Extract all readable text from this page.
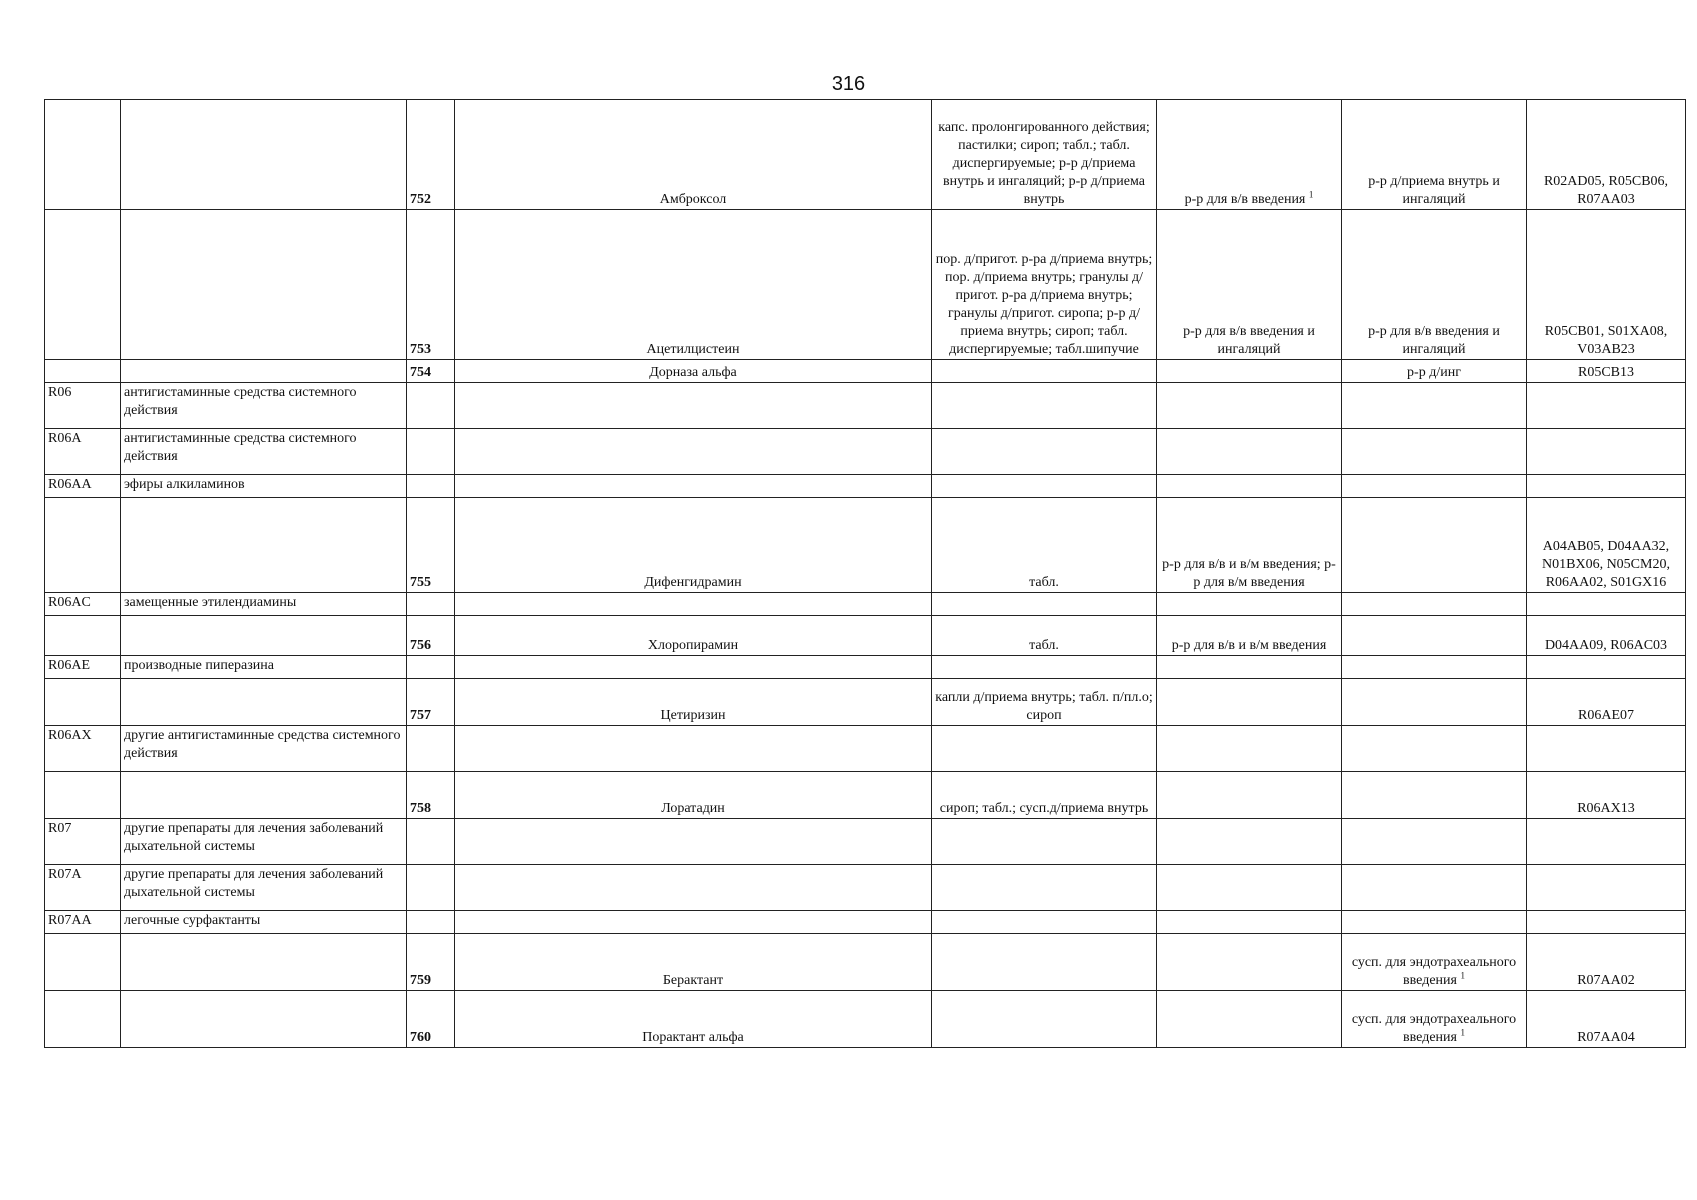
316
		752	Амброксол	капс. пролонгированного действия; пастилки; сироп; табл.; табл. диспергируемые; р-р д/приема внутрь и ингаляций; р-р д/приема внутрь	р-р для в/в введения $^1$	р-р д/приема внутрь и ингаляций	R02AD05, R05CB06, R07AA03
		753	Ацетилцистеин	пор. д/пригот. р-ра д/приема внутрь; пор. д/приема внутрь; гранулы д/пригот. р-ра д/приема внутрь; гранулы д/пригот. сиропа; р-р д/приема внутрь; сироп; табл. диспергируемые; табл.шипучие	р-р для в/в введения и ингаляций	р-р для в/в введения и ингаляций	R05CB01, S01XA08, V03AB23
		754	Дорназа альфа			р-р д/инг	R05CB13
R06	антигистаминные средства системного действия						
R06A	антигистаминные средства системного действия						
R06AA	эфиры алкиламинов						
		755	Дифенгидрамин	табл.	р-р для в/в и в/м введения; р-р для в/м введения		A04AB05, D04AA32, N01BX06, N05CM20, R06AA02, S01GX16
R06AC	замещенные этилендиамины						
		756	Хлоропирамин	табл.	р-р для в/в и в/м введения		D04AA09, R06AC03
R06AE	производные пиперазина						
		757	Цетиризин	капли д/приема внутрь; табл. п/пл.о; сироп			R06AE07
R06AX	другие антигистаминные средства системного действия						
		758	Лоратадин	сироп; табл.; сусп.д/приема внутрь			R06AX13
R07	другие препараты для лечения заболеваний дыхательной системы						
R07A	другие препараты для лечения заболеваний дыхательной системы						
R07AA	легочные сурфактанты						
		759	Берактант			сусп. для эндотрахеального введения $^1$	R07AA02
		760	Порактант альфа			сусп. для эндотрахеального введения $^1$	R07AA04
